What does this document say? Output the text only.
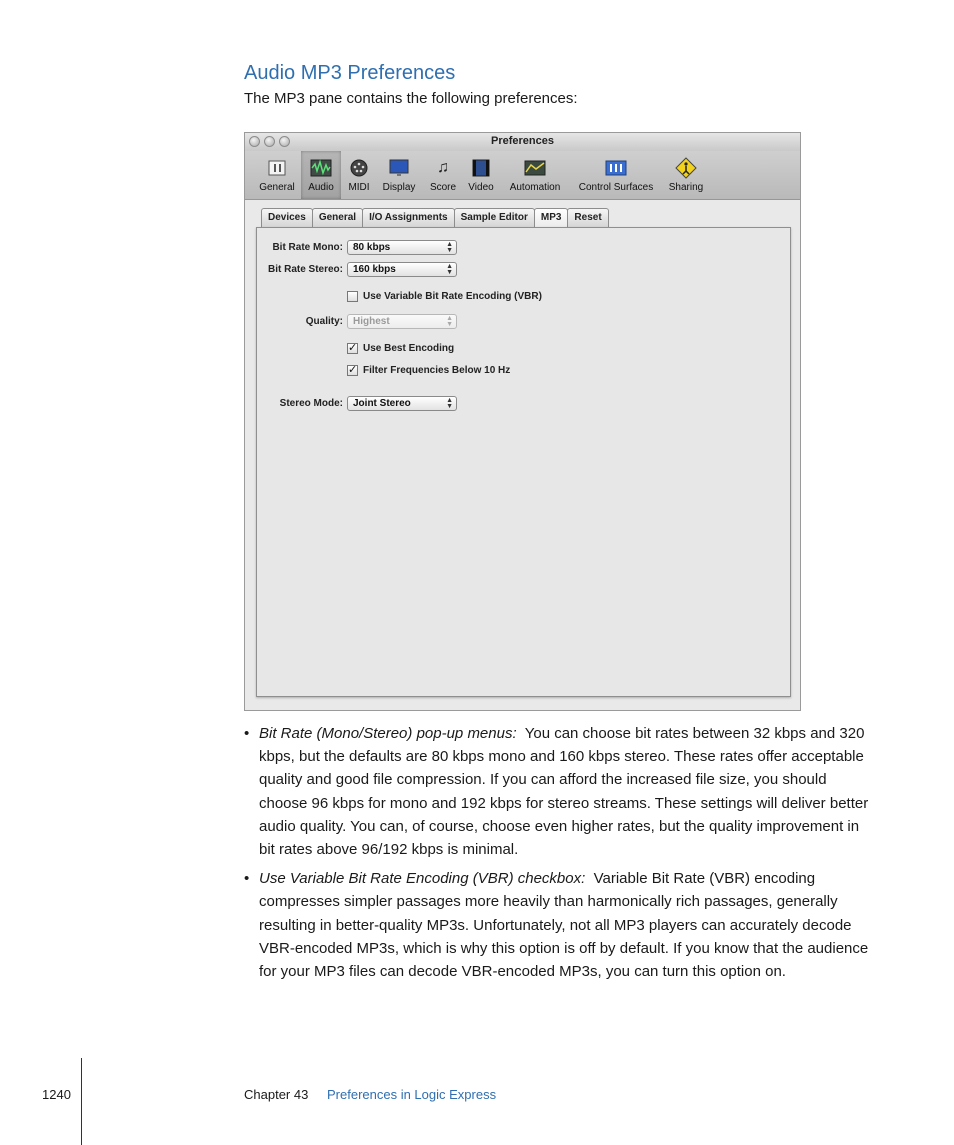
Audio MP3 Preferences

The MP3 pane contains the following preferences:

Preferences
General	Audio	MIDI	Display
♫
Score	Video	Automation	Control Surfaces	Sharing
Devices	General	I/O Assignments	Sample Editor	MP3	Reset
Bit Rate Mono:	80 kbps	▲
▼
Bit Rate Stereo:	160 kbps	▲
▼
Use Variable Bit Rate Encoding (VBR)
Quality:	Highest	▲
▼
✓ Use Best Encoding
✓ Filter Frequencies Below 10 Hz
Stereo Mode:	Joint Stereo	▲
▼
• Bit Rate (Mono/Stereo) pop-up menus: You can choose bit rates between 32 kbps and 320 kbps, but the defaults are 80 kbps mono and 160 kbps stereo. These rates offer acceptable quality and good file compression. If you can afford the increased file size, you should choose 96 kbps for mono and 192 kbps for stereo streams. These settings will deliver better audio quality. You can, of course, choose even higher rates, but the quality improvement in bit rates above 96/192 kbps is minimal.
• Use Variable Bit Rate Encoding (VBR) checkbox: Variable Bit Rate (VBR) encoding compresses simpler passages more heavily than harmonically rich passages, generally resulting in better-quality MP3s. Unfortunately, not all MP3 players can accurately decode VBR-encoded MP3s, which is why this option is off by default. If you know that the audience for your MP3 files can decode VBR-encoded MP3s, you can turn this option on.
1240	Chapter 43 Preferences in Logic Express
